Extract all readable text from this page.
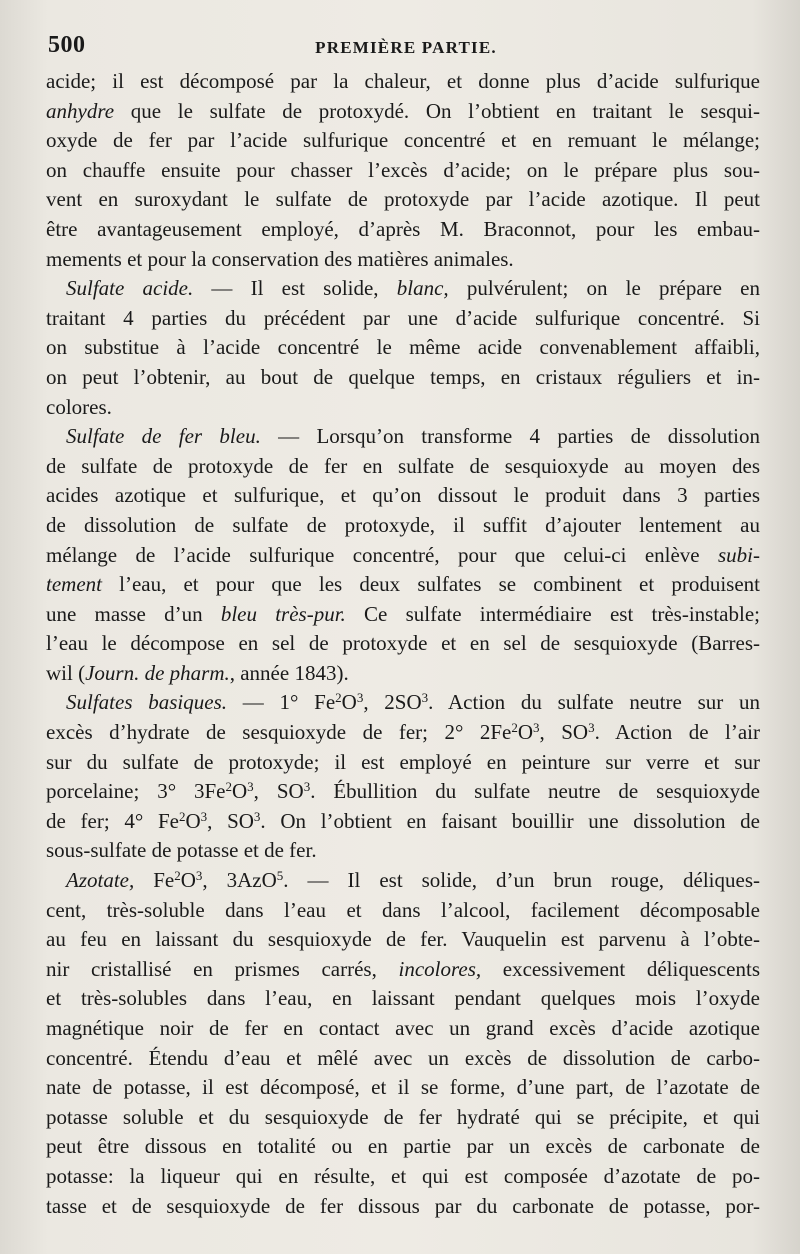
500	PREMIÈRE PARTIE.
acide; il est décomposé par la chaleur, et donne plus d’acide sulfurique
anhydre que le sulfate de protoxydé. On l’obtient en traitant le sesqui-
oxyde de fer par l’acide sulfurique concentré et en remuant le mélange;
on chauffe ensuite pour chasser l’excès d’acide; on le prépare plus sou-
vent en suroxydant le sulfate de protoxyde par l’acide azotique. Il peut
être avantageusement employé, d’après M. Braconnot, pour les embau-
mements et pour la conservation des matières animales.
Sulfate acide. — Il est solide, blanc, pulvérulent; on le prépare en
traitant 4 parties du précédent par une d’acide sulfurique concentré. Si
on substitue à l’acide concentré le même acide convenablement affaibli,
on peut l’obtenir, au bout de quelque temps, en cristaux réguliers et in-
colores.
Sulfate de fer bleu. — Lorsqu’on transforme 4 parties de dissolution
de sulfate de protoxyde de fer en sulfate de sesquioxyde au moyen des
acides azotique et sulfurique, et qu’on dissout le produit dans 3 parties
de dissolution de sulfate de protoxyde, il suffit d’ajouter lentement au
mélange de l’acide sulfurique concentré, pour que celui-ci enlève subi-
tement l’eau, et pour que les deux sulfates se combinent et produisent
une masse d’un bleu très-pur. Ce sulfate intermédiaire est très-instable;
l’eau le décompose en sel de protoxyde et en sel de sesquioxyde (Barres-
wil (Journ. de pharm., année 1843).
Sulfates basiques. — 1° $Fe^2O^3$, $2SO^3$. Action du sulfate neutre sur un
excès d’hydrate de sesquioxyde de fer; 2° $2Fe^2O^3$, $SO^3$. Action de l’air
sur du sulfate de protoxyde; il est employé en peinture sur verre et sur
porcelaine; 3° $3Fe^2O^3$, $SO^3$. Ébullition du sulfate neutre de sesquioxyde
de fer; 4° $Fe^2O^3$, $SO^3$. On l’obtient en faisant bouillir une dissolution de
sous-sulfate de potasse et de fer.
Azotate, $Fe^2O^3$, 3AzO$^5$. — Il est solide, d’un brun rouge, déliques-
cent, très-soluble dans l’eau et dans l’alcool, facilement décomposable
au feu en laissant du sesquioxyde de fer. Vauquelin est parvenu à l’obte-
nir cristallisé en prismes carrés, incolores, excessivement déliquescents
et très-solubles dans l’eau, en laissant pendant quelques mois l’oxyde
magnétique noir de fer en contact avec un grand excès d’acide azotique
concentré. Étendu d’eau et mêlé avec un excès de dissolution de carbo-
nate de potasse, il est décomposé, et il se forme, d’une part, de l’azotate de
potasse soluble et du sesquioxyde de fer hydraté qui se précipite, et qui
peut être dissous en totalité ou en partie par un excès de carbonate de
potasse: la liqueur qui en résulte, et qui est composée d’azotate de po-
tasse et de sesquioxyde de fer dissous par du carbonate de potasse, por-
